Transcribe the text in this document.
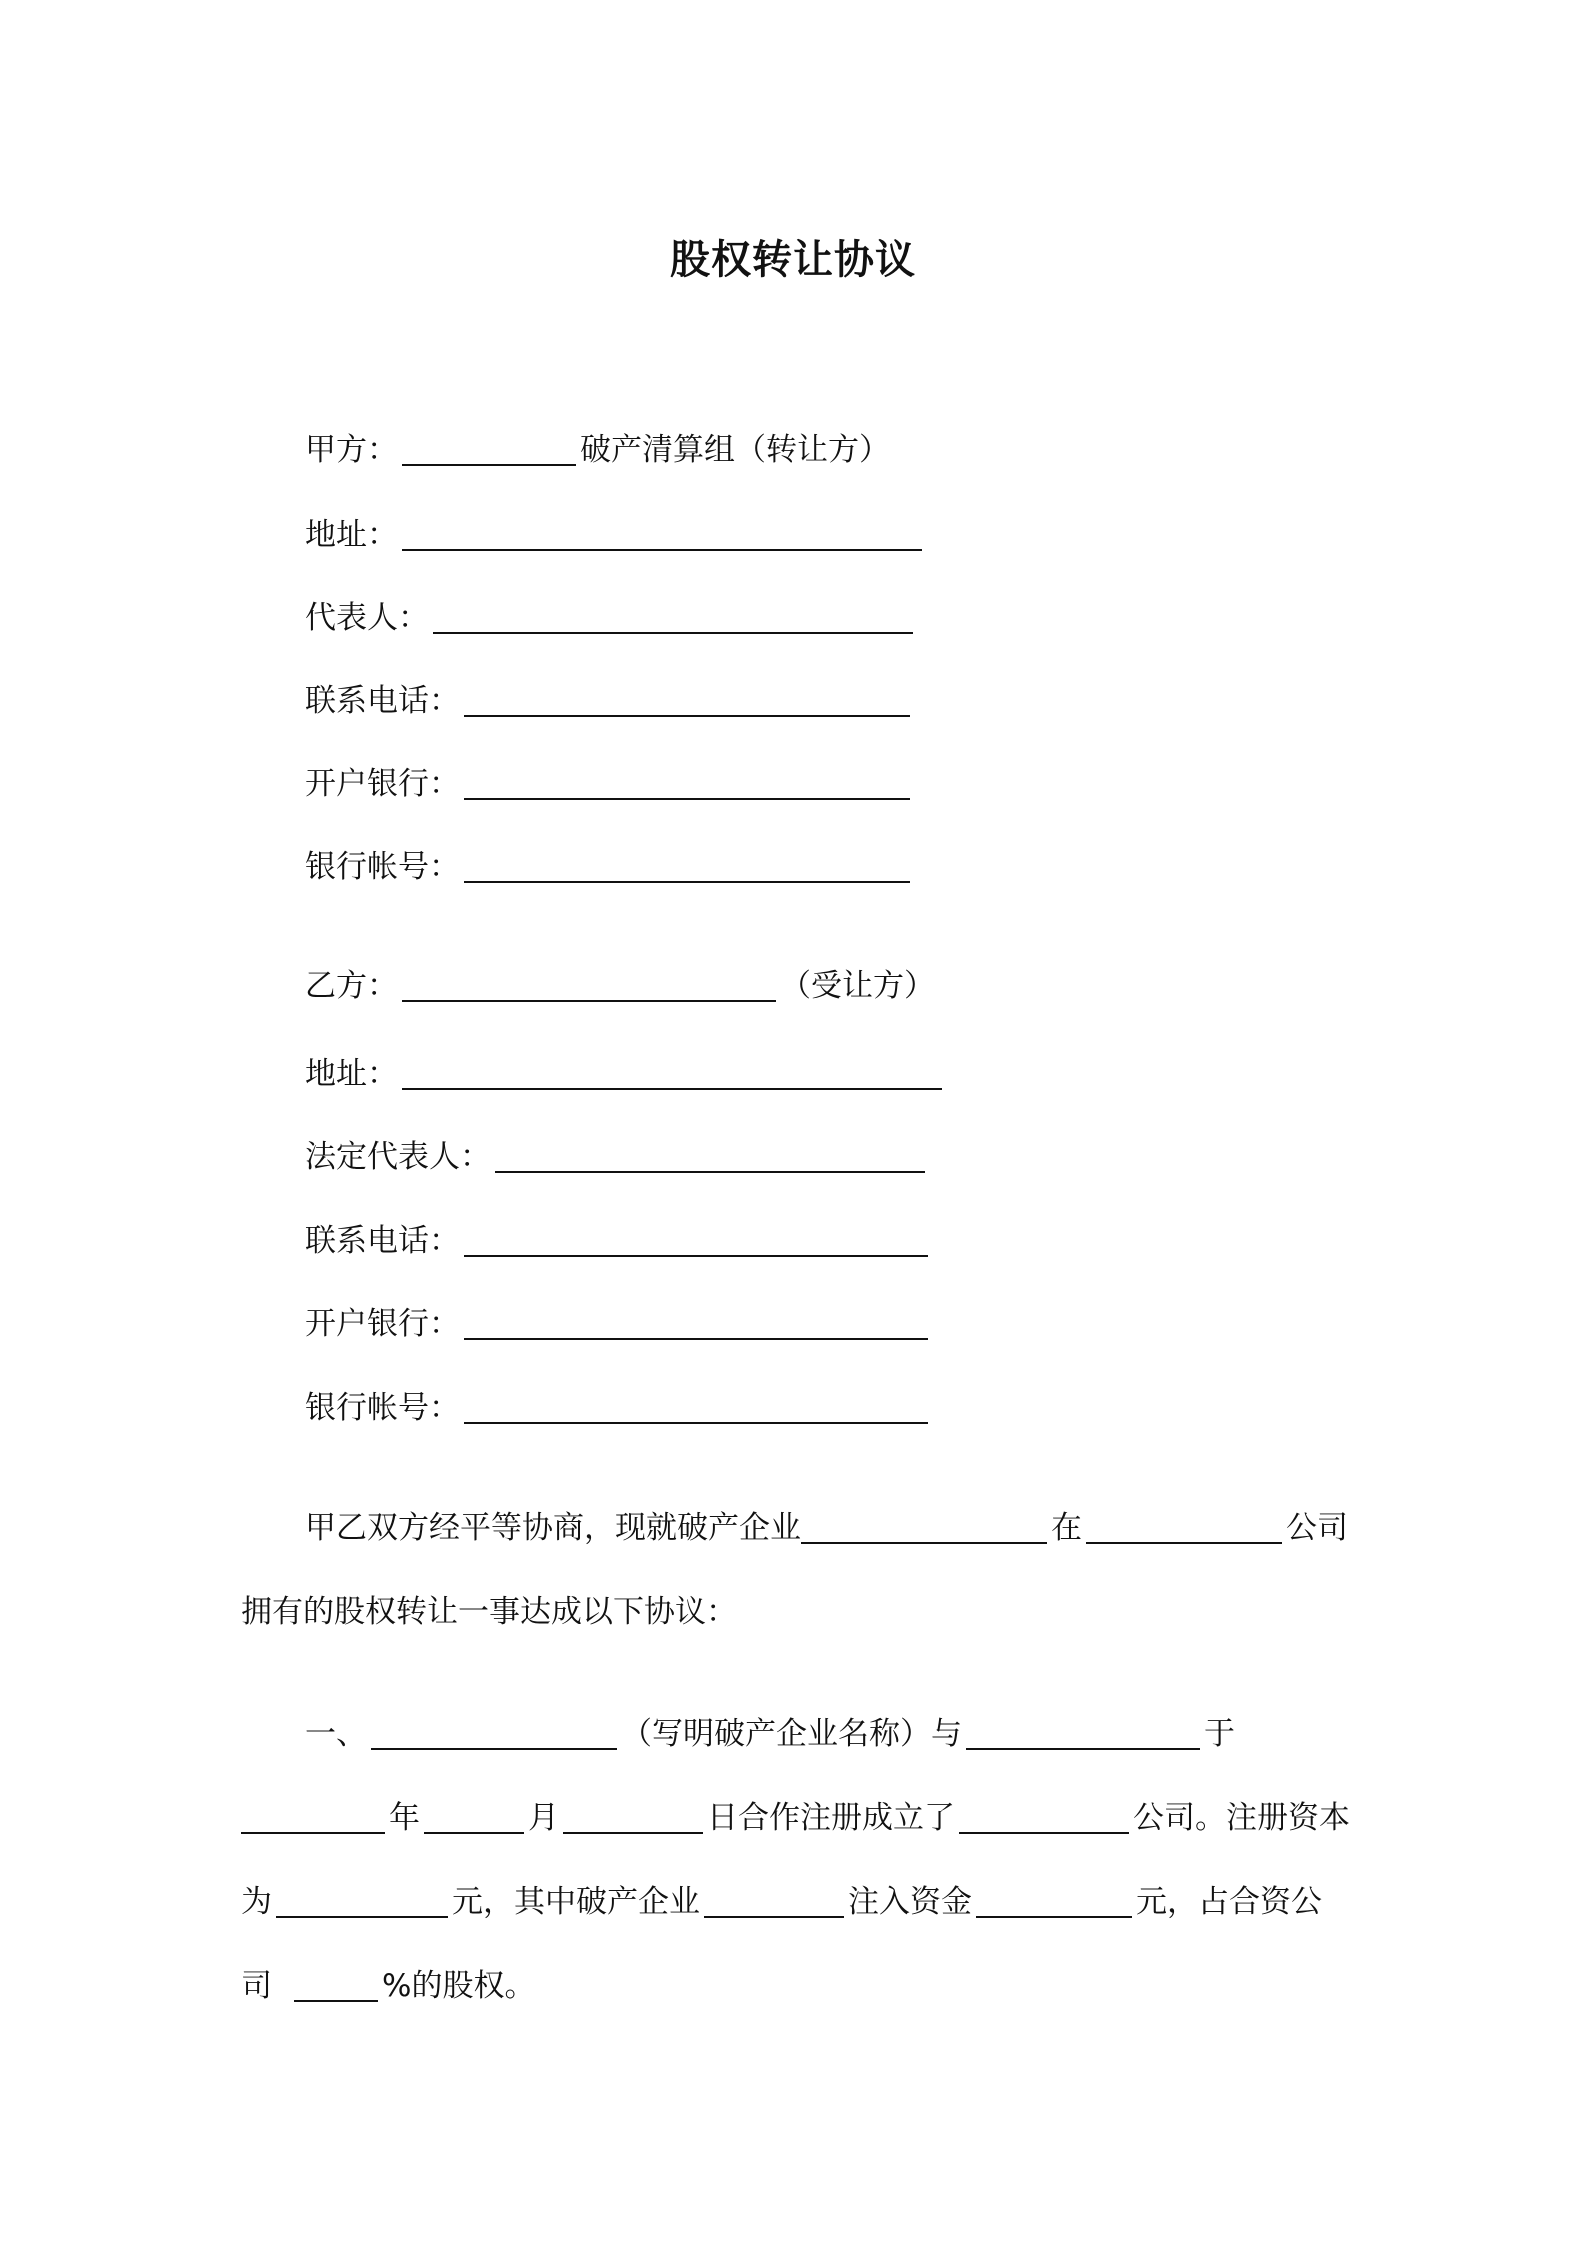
股权转让协议
甲方：	破产清算组（转让方）
地址：
代表人：
联系电话：
开户银行：
银行帐号：
乙方：	（受让方）
地址：
法定代表人：
联系电话：
开户银行：
银行帐号：
甲乙双方经平等协商，现就破产企业	在	公司
拥有的股权转让一事达成以下协议：
一、	（写明破产企业名称）与	于
年	月	日合作注册成立了	公司。注册资本
为	元，其中破产企业	注入资金	元，占合资公
司	%的股权。
